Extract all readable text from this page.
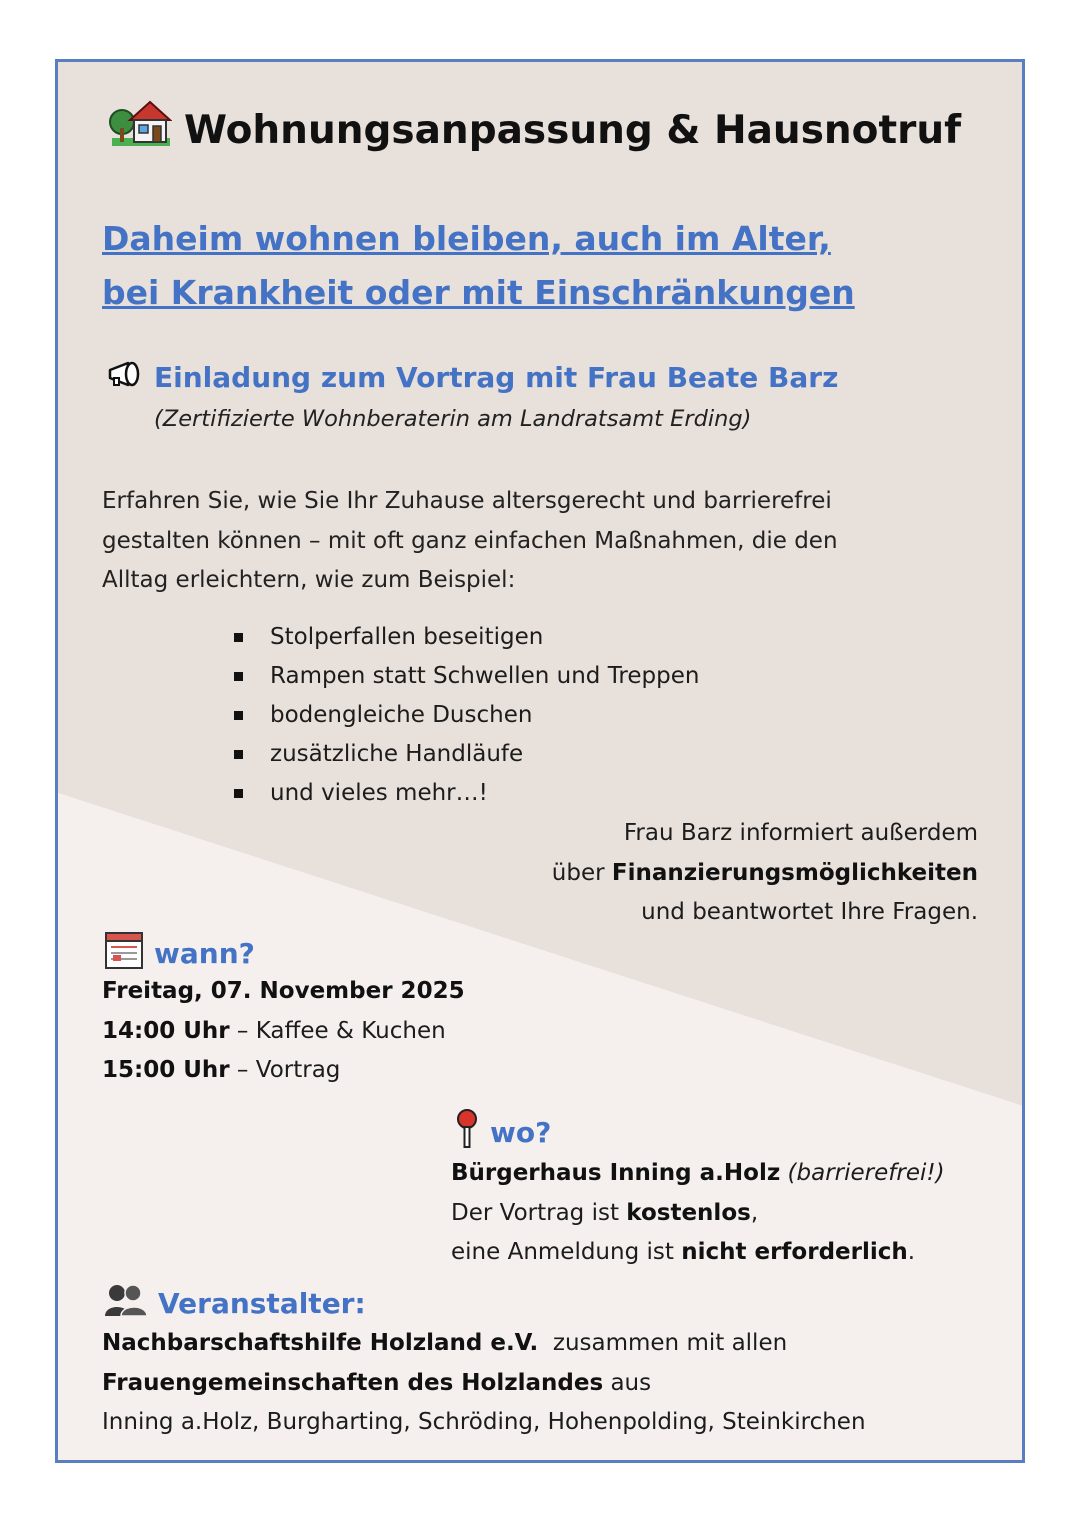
Wohnungsanpassung & Hausnotruf
Daheim wohnen bleiben, auch im Alter,
bei Krankheit oder mit Einschränkungen
Einladung zum Vortrag mit Frau Beate Barz
(Zertifizierte Wohnberaterin am Landratsamt Erding)
Erfahren Sie, wie Sie Ihr Zuhause altersgerecht und barrierefrei
gestalten können – mit oft ganz einfachen Maßnahmen, die den
Alltag erleichtern, wie zum Beispiel:
Stolperfallen beseitigen
Rampen statt Schwellen und Treppen
bodengleiche Duschen
zusätzliche Handläufe
und vieles mehr…!
Frau Barz informiert außerdem
über Finanzierungsmöglichkeiten
und beantwortet Ihre Fragen.
wann?
Freitag, 07. November 2025
14:00 Uhr – Kaffee & Kuchen
15:00 Uhr – Vortrag
wo?
Bürgerhaus Inning a.Holz (barrierefrei!)
Der Vortrag ist kostenlos,
eine Anmeldung ist nicht erforderlich.
Veranstalter:
Nachbarschaftshilfe Holzland e.V.  zusammen mit allen
Frauengemeinschaften des Holzlandes aus
Inning a.Holz, Burgharting, Schröding, Hohenpolding, Steinkirchen
